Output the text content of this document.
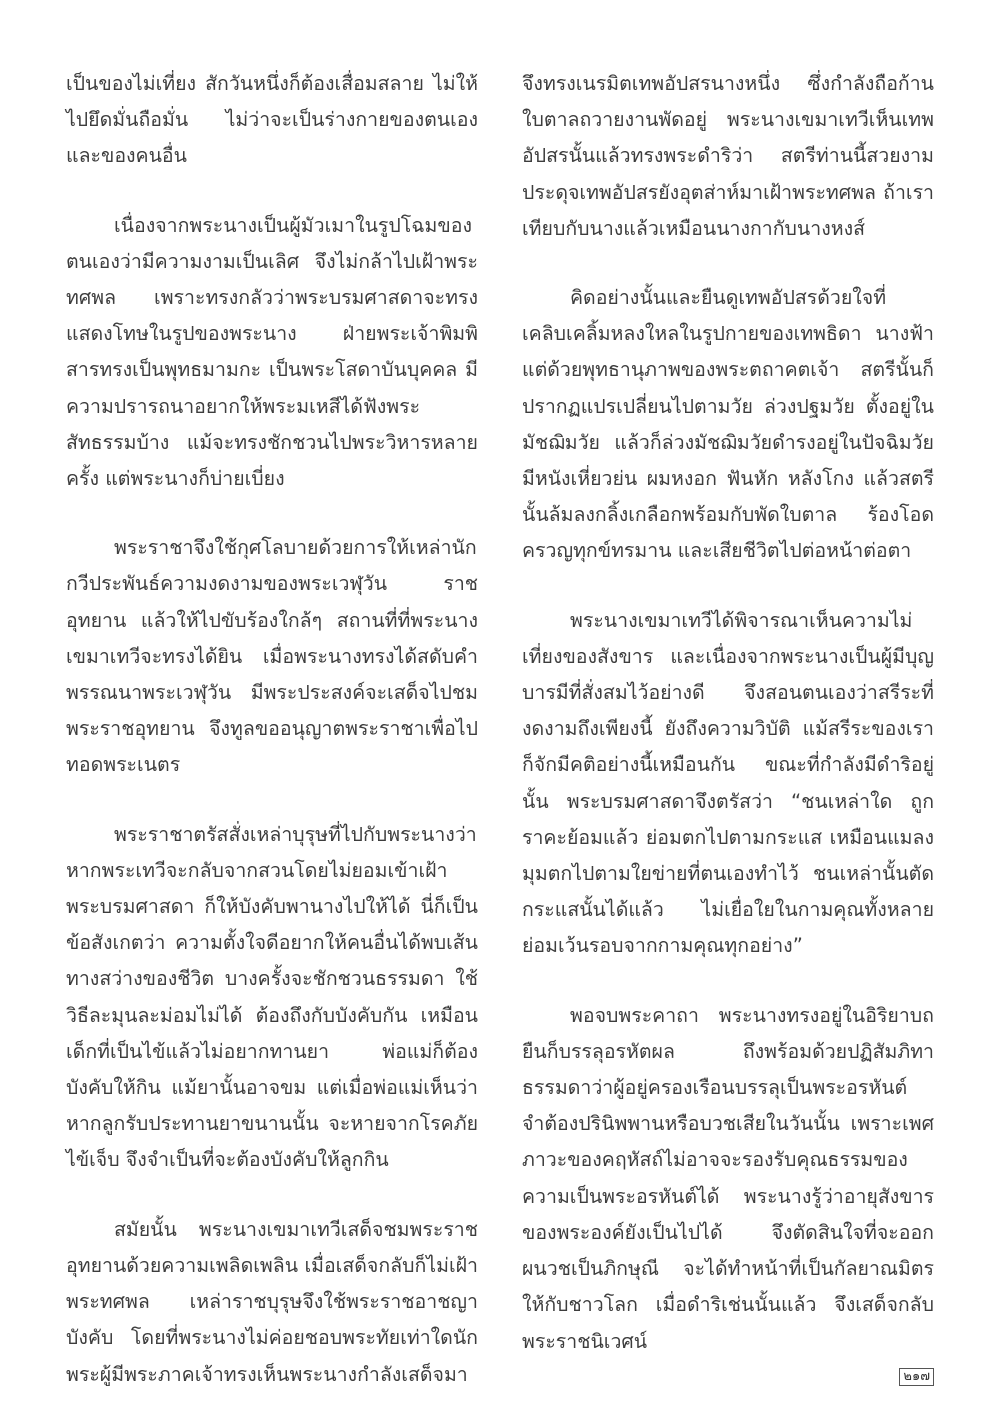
เป็นของไม่เที่ยง สักวันหนึ่งก็ต้องเสื่อมสลาย ไม่ให้ไปยึดมั่นถือมั่น ไม่ว่าจะเป็นร่างกายของตนเองและของคนอื่น

เนื่องจากพระนางเป็นผู้มัวเมาในรูปโฉมของตนเองว่ามีความงามเป็นเลิศ จึงไม่กล้าไปเฝ้าพระทศพล เพราะทรงกลัวว่าพระบรมศาสดาจะทรงแสดงโทษในรูปของพระนาง ฝ่ายพระเจ้าพิมพิสารทรงเป็นพุทธมามกะ เป็นพระโสดาบันบุคคล มีความปรารถนาอยากให้พระมเหสีได้ฟังพระสัทธรรมบ้าง แม้จะทรงชักชวนไปพระวิหารหลายครั้ง แต่พระนางก็บ่ายเบี่ยง

พระราชาจึงใช้กุศโลบายด้วยการให้เหล่านักกวีประพันธ์ความงดงามของพระเวฬุวัน ราชอุทยาน แล้วให้ไปขับร้องใกล้ๆ สถานที่ที่พระนางเขมาเทวีจะทรงได้ยิน เมื่อพระนางทรงได้สดับคำพรรณนาพระเวฬุวัน มีพระประสงค์จะเสด็จไปชมพระราชอุทยาน จึงทูลขออนุญาตพระราชาเพื่อไปทอดพระเนตร

พระราชาตรัสสั่งเหล่าบุรุษที่ไปกับพระนางว่า หากพระเทวีจะกลับจากสวนโดยไม่ยอมเข้าเฝ้าพระบรมศาสดา ก็ให้บังคับพานางไปให้ได้ นี่ก็เป็นข้อสังเกตว่า ความตั้งใจดีอยากให้คนอื่นได้พบเส้นทางสว่างของชีวิต บางครั้งจะชักชวนธรรมดา ใช้วิธีละมุนละม่อมไม่ได้ ต้องถึงกับบังคับกัน เหมือนเด็กที่เป็นไข้แล้วไม่อยากทานยา พ่อแม่ก็ต้องบังคับให้กิน แม้ยานั้นอาจขม แต่เมื่อพ่อแม่เห็นว่าหากลูกรับประทานยาขนานนั้น จะหายจากโรคภัยไข้เจ็บ จึงจำเป็นที่จะต้องบังคับให้ลูกกิน

สมัยนั้น พระนางเขมาเทวีเสด็จชมพระราชอุทยานด้วยความเพลิดเพลิน เมื่อเสด็จกลับก็ไม่เฝ้าพระทศพล เหล่าราชบุรุษจึงใช้พระราชอาชญาบังคับ โดยที่พระนางไม่ค่อยชอบพระทัยเท่าใดนัก พระผู้มีพระภาคเจ้าทรงเห็นพระนางกำลังเสด็จมา

จึงทรงเนรมิตเทพอัปสรนางหนึ่ง ซึ่งกำลังถือก้านใบตาลถวายงานพัดอยู่ พระนางเขมาเทวีเห็นเทพอัปสรนั้นแล้วทรงพระดำริว่า สตรีท่านนี้สวยงามประดุจเทพอัปสรยังอุตส่าห์มาเฝ้าพระทศพล ถ้าเราเทียบกับนางแล้วเหมือนนางกากับนางหงส์

คิดอย่างนั้นและยืนดูเทพอัปสรด้วยใจที่เคลิบเคลิ้มหลงใหลในรูปกายของเทพธิดา นางฟ้าแต่ด้วยพุทธานุภาพของพระตถาคตเจ้า สตรีนั้นก็ปรากฏแปรเปลี่ยนไปตามวัย ล่วงปฐมวัย ตั้งอยู่ในมัชฌิมวัย แล้วก็ล่วงมัชฌิมวัยดำรงอยู่ในปัจฉิมวัย มีหนังเหี่ยวย่น ผมหงอก ฟันหัก หลังโกง แล้วสตรีนั้นล้มลงกลิ้งเกลือกพร้อมกับพัดใบตาล ร้องโอดครวญทุกข์ทรมาน และเสียชีวิตไปต่อหน้าต่อตา

พระนางเขมาเทวีได้พิจารณาเห็นความไม่เที่ยงของสังขาร และเนื่องจากพระนางเป็นผู้มีบุญบารมีที่สั่งสมไว้อย่างดี จึงสอนตนเองว่าสรีระที่งดงามถึงเพียงนี้ ยังถึงความวิบัติ แม้สรีระของเราก็จักมีคติอย่างนี้เหมือนกัน ขณะที่กำลังมีดำริอยู่นั้น พระบรมศาสดาจึงตรัสว่า “ชนเหล่าใด ถูกราคะย้อมแล้ว ย่อมตกไปตามกระแส เหมือนแมลงมุมตกไปตามใยข่ายที่ตนเองทำไว้ ชนเหล่านั้นตัดกระแสนั้นได้แล้ว ไม่เยื่อใยในกามคุณทั้งหลาย ย่อมเว้นรอบจากกามคุณทุกอย่าง”

พอจบพระคาถา พระนางทรงอยู่ในอิริยาบถยืนก็บรรลุอรหัตผล ถึงพร้อมด้วยปฏิสัมภิทา ธรรมดาว่าผู้อยู่ครองเรือนบรรลุเป็นพระอรหันต์ จำต้องปรินิพพานหรือบวชเสียในวันนั้น เพราะเพศภาวะของคฤหัสถ์ไม่อาจจะรองรับคุณธรรมของความเป็นพระอรหันต์ได้ พระนางรู้ว่าอายุสังขารของพระองค์ยังเป็นไปได้ จึงตัดสินใจที่จะออกผนวชเป็นภิกษุณี จะได้ทำหน้าที่เป็นกัลยาณมิตรให้กับชาวโลก เมื่อดำริเช่นนั้นแล้ว จึงเสด็จกลับพระราชนิเวศน์

๒๑๗
